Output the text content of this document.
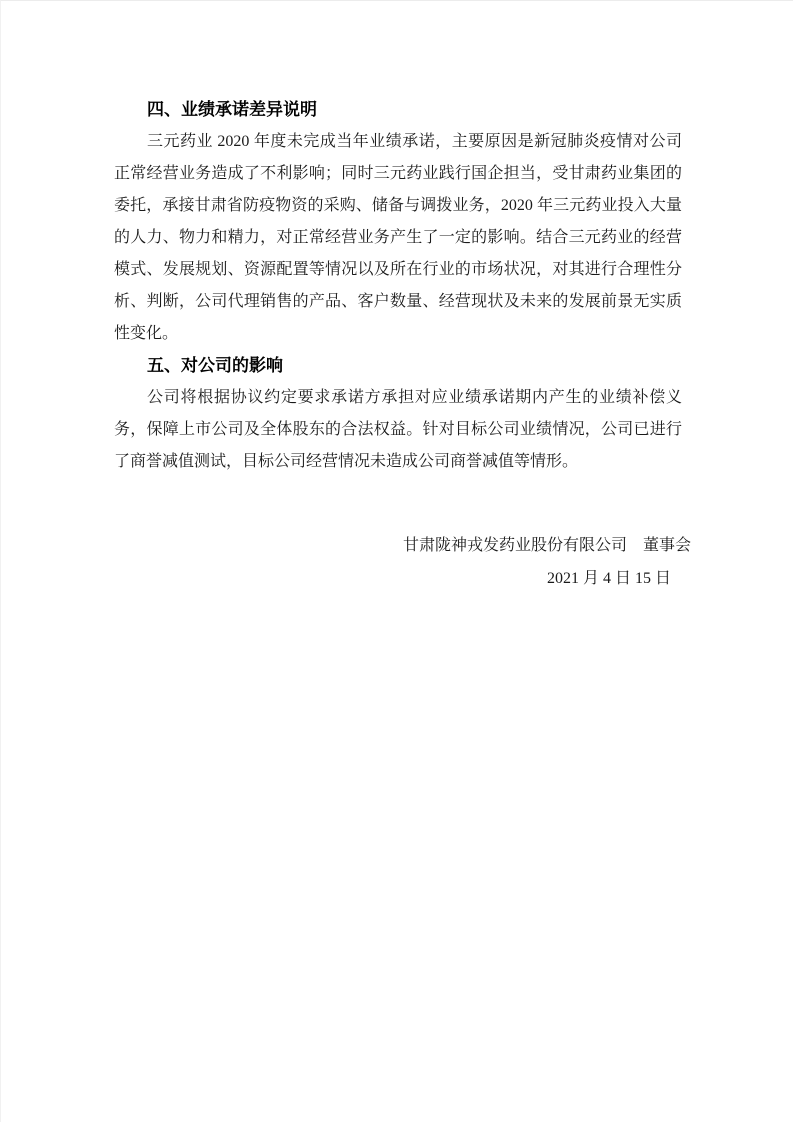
四、业绩承诺差异说明

三元药业 2020 年度未完成当年业绩承诺，主要原因是新冠肺炎疫情对公司正常经营业务造成了不利影响；同时三元药业践行国企担当，受甘肃药业集团的委托，承接甘肃省防疫物资的采购、储备与调拨业务，2020 年三元药业投入大量的人力、物力和精力，对正常经营业务产生了一定的影响。结合三元药业的经营模式、发展规划、资源配置等情况以及所在行业的市场状况，对其进行合理性分析、判断，公司代理销售的产品、客户数量、经营现状及未来的发展前景无实质性变化。

五、对公司的影响

公司将根据协议约定要求承诺方承担对应业绩承诺期内产生的业绩补偿义务，保障上市公司及全体股东的合法权益。针对目标公司业绩情况，公司已进行了商誉减值测试，目标公司经营情况未造成公司商誉减值等情形。

甘肃陇神戎发药业股份有限公司　董事会
2021 月 4 日 15 日
